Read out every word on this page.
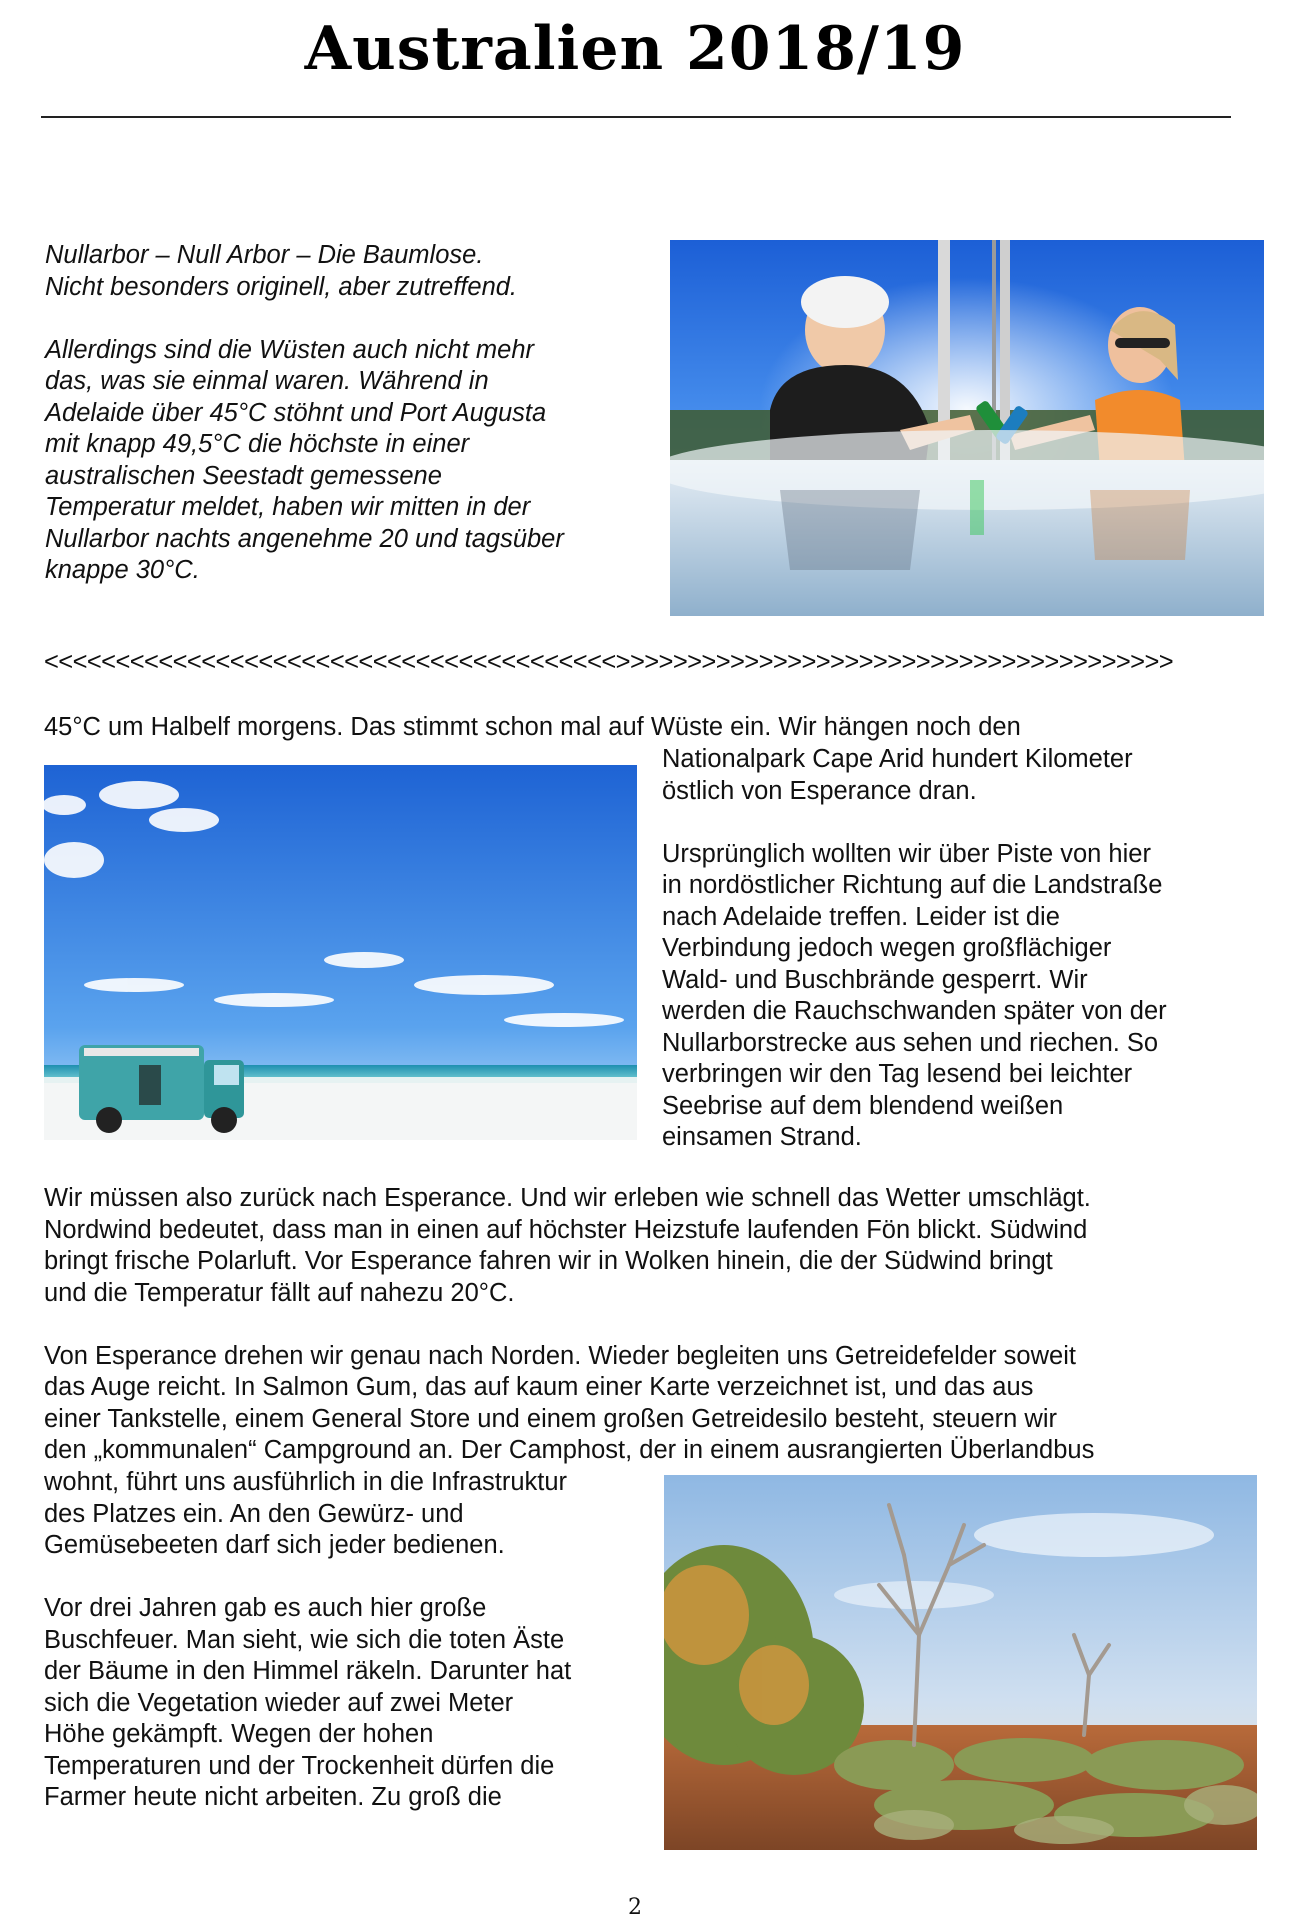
Australien 2018/19

Nullarbor – Null Arbor – Die Baumlose.

Nicht besonders originell, aber zutreffend.

Allerdings sind die Wüsten auch nicht mehr

das, was sie einmal waren. Während in

Adelaide über 45°C stöhnt und Port Augusta

mit knapp 49,5°C die höchste in einer

australischen Seestadt gemessene

Temperatur meldet, haben wir mitten in der

Nullarbor nachts angenehme 20 und tagsüber

knappe 30°C.

<<<<<<<<<<<<<<<<<<<<<<<<<<<<<<<<<<<<<<<<>>>>>>>>>>>>>>>>>>>>>>>>>>>>>>>>>>>>>>>
45°C um Halbelf morgens. Das stimmt schon mal auf Wüste ein. Wir hängen noch den

Nationalpark Cape Arid hundert Kilometer

östlich von Esperance dran.

Ursprünglich wollten wir über Piste von hier

in nordöstlicher Richtung auf die Landstraße

nach Adelaide treffen. Leider ist die

Verbindung jedoch wegen großflächiger

Wald- und Buschbrände gesperrt. Wir

werden die Rauchschwanden später von der

Nullarborstrecke aus sehen und riechen. So

verbringen wir den Tag lesend bei leichter

Seebrise auf dem blendend weißen

einsamen Strand.

Wir müssen also zurück nach Esperance. Und wir erleben wie schnell das Wetter umschlägt.

Nordwind bedeutet, dass man in einen auf höchster Heizstufe laufenden Fön blickt. Südwind

bringt frische Polarluft. Vor Esperance fahren wir in Wolken hinein, die der Südwind bringt

und die Temperatur fällt auf nahezu 20°C.

Von Esperance drehen wir genau nach Norden. Wieder begleiten uns Getreidefelder soweit

das Auge reicht. In Salmon Gum, das auf kaum einer Karte verzeichnet ist, und das aus

einer Tankstelle, einem General Store und einem großen Getreidesilo besteht, steuern wir

den „kommunalen“ Campground an. Der Camphost, der in einem ausrangierten Überlandbus

wohnt, führt uns ausführlich in die Infrastruktur

des Platzes ein. An den Gewürz- und

Gemüsebeeten darf sich jeder bedienen.

Vor drei Jahren gab es auch hier große

Buschfeuer. Man sieht, wie sich die toten Äste

der Bäume in den Himmel räkeln. Darunter hat

sich die Vegetation wieder auf zwei Meter

Höhe gekämpft. Wegen der hohen

Temperaturen und der Trockenheit dürfen die

Farmer heute nicht arbeiten. Zu groß die

2
